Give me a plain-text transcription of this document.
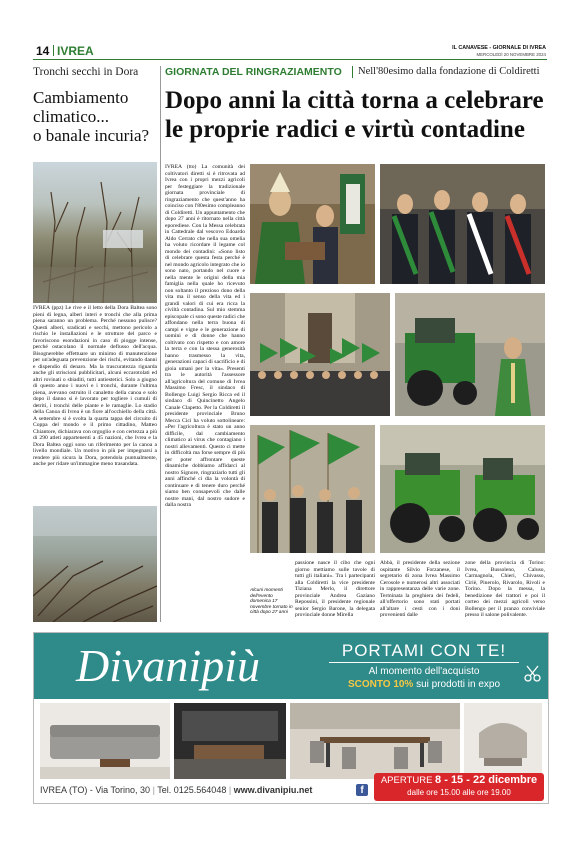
14 IVREA	IL CANAVESE - GIORNALE DI IVREA
MERCOLEDÌ 20 NOVEMBRE 2024
Tronchi secchi in Dora
Cambiamento
climatico...
o banale incuria?
IVREA (ppz) Le rive e il letto della Dora Baltea sono pieni di legna, alberi interi e tronchi che alla prima piena saranno un problema. Perché nessuno pulisce? Questi alberi, sradicati e secchi, mettono pericolo a rischio le installazioni e le strutture del parco e favoriscono esondazioni in caso di piogge intense, perché ostacolano il normale deflusso dell'acqua. Bisognerebbe effettuare un minimo di manutenzione per un'adeguata prevenzione dei rischi, evitando danni e dispendio di denaro. Ma la trascuratezza riguarda anche gli striscioni pubblicitari, alcuni eccarotolati ed altri rovinati o sbiaditi, tutti antiestetici. Solo a giugno di questo anno i nuovi e i tronchi, durante l'ultima piena, avevano ostruito il canaletto della canoa e solo dopo il danno si è lavorato per togliere i cumuli di detriti, i tronchi delle piante e le ramaglie. Lo stadio della Canoa di Ivrea è un fiore all'occhiello della città. A settembre si è svolta la quarta tappa del circuito di Coppa del mondo e il primo cittadino, Matteo Chiantore, dichiarava con orgoglio e con certezza a più di 290 atleti appartenenti a 45 nazioni, che Ivrea e la Dora Baltea oggi sono un riferimento per la canoa a livello mondiale. Un motivo in più per impegnarsi a rendere più sicura la Dora, potendola puntualmente, anche per ridare un'immagine meno trasandata.
GIORNATA DEL RINGRAZIAMENTO Nell'80esimo dalla fondazione di Coldiretti
Dopo anni la città torna a celebrare
le proprie radici e virtù contadine
IVREA (tto) La comunità dei coltivatori diretti si è ritrovata ad Ivrea con i propri mezzi agricoli per festeggiare la tradizionale giornata provinciale di ringraziamento che quest'anno ha coinciso con l'80esimo compleanno di Coldiretti. Un appuntamento che dopo 27 anni è ritornato nella città eporediese. Con la Messa celebrata in Cattedrale dal vescovo Edoardo Aldo Cerrato che nella sua omelia ha voluto ricordare il legame col mondo dei contadini: «Sono listo di celebrare questa festa perché è nel mondo agricolo integrato che io sono nato, portando nel cuore e nella mente le origini della mia famiglia nella quale ho ricevuto non soltanto il prezioso dono della vita ma il senso della vita ed i grandi valori di cui era ricca la civiltà contadina. Sul mio stemma episcopale ci sono queste radici che affondano nella terra buona di campi e vigne e le generazione di uomini e di donne che hanno coltivato con rispetto e con amore la terra e con la stessa generosità hanno trasmesso la vita, generazioni capaci di sacrificio e di gioia umani per la vita». Presenti tra le autorità l'assessore all'agricoltura del comune di Ivrea Massimo Fresc, il sindaco di Bollengo Luigi Sergio Ricca ed il sindaco di Quincinetto Angelo Canale Clapetto. Per la Coldiretti il presidente provinciale Bruno Mecca Cici ha voluto sottolineare: «Per l'agricoltura è stato un anno difficile, dal cambiamento climatico ai virus che contagiano i nostri allevamenti. Questo ci mette in difficoltà ma forse sempre di più per poter affrontare queste dinamiche dobbiamo affidarci al nostro Signore, ringraziarlo tutti gli anni affinché ci dia la volontà di continuare e di tenere duro perché siamo ben consapevoli che dalle nostre mani, dal nostro sudore e dalla nostra
Alcuni momenti dell'evento domenica 17 novembre tornato in città dopo 27 anni
passione nasce il cibo che ogni giorno mettiamo sulle tavole di tutti gli italiani». Tra i partecipanti alla Coldiretti la vice presidente Tiziana Merlo, il direttore provinciale Andrea Gaziano Repossini, il presidente regionale senior Sergio Barone, la delegata provinciale donne Mirella
Abbà, il presidente della sezione ospitante Silvio Forzanese, il segretario di zona Ivrea Massimo Cerosole e numerosi altri associati in rappresentanza delle varie zone. Terminata la preghiera dei fedeli, all'offertorio sono stati portati all'altare i cesti con i doni provenienti dalle
zone della provincia di Torino: Ivrea, Bussoleno, Caluso, Carmagnola, Chieri, Chivasso, Ciriè, Pinerolo, Rivarolo, Rivoli e Torino. Dopo la messa, la benedizione dei trattori e poi il corteo dei mezzi agricoli verso Bollengo per il pranzo conviviale presso il salone polivalente.
Divanipiù	PORTAMI CON TE!
Al momento dell'acquisto
SCONTO 10% sui prodotti in expo
IVREA (TO) - Via Torino, 30 | Tel. 0125.564048 | www.divanipiu.net	f
APERTURE 8 - 15 - 22 dicembre
dalle ore 15.00 alle ore 19.00
